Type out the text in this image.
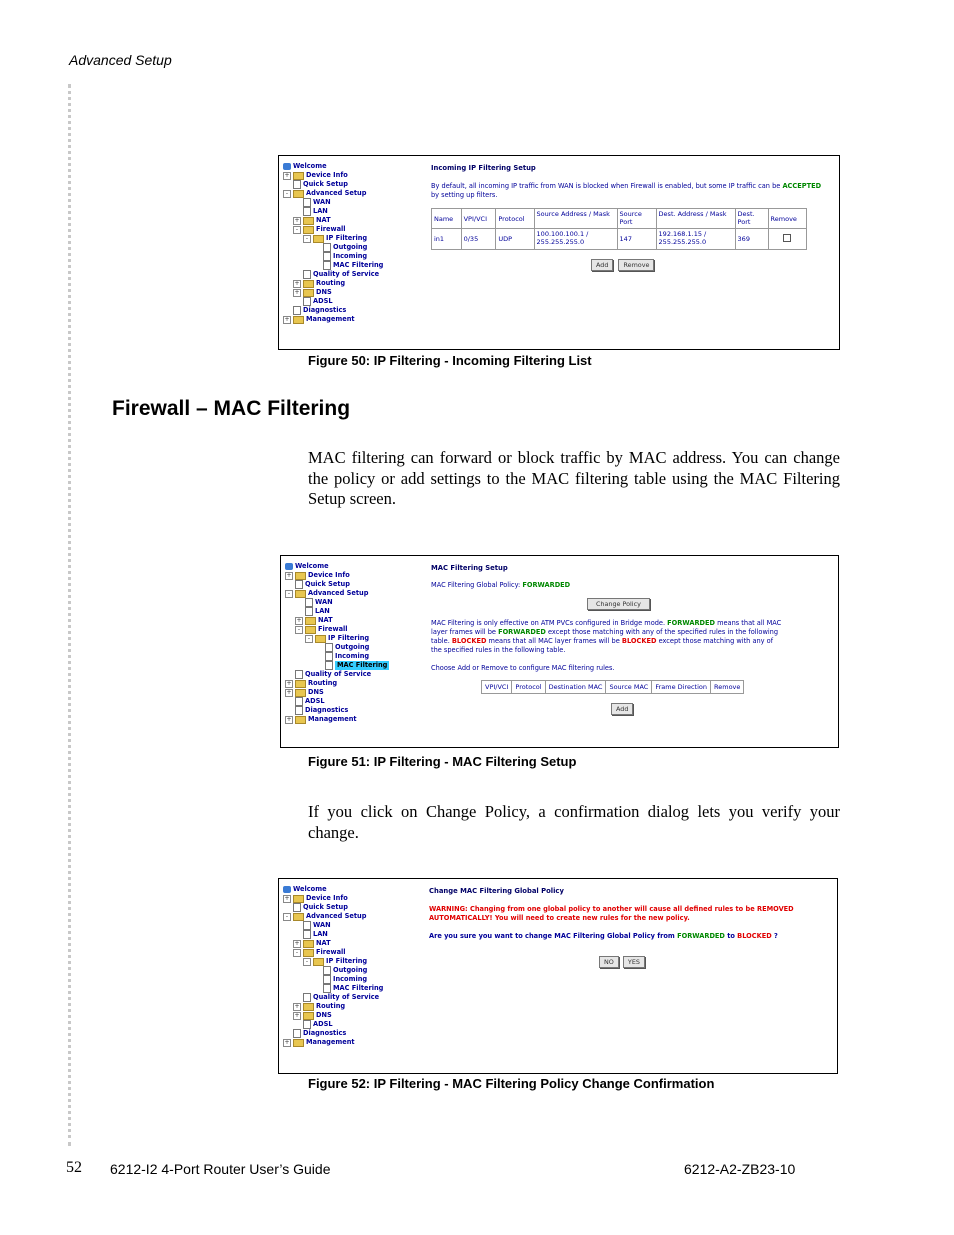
Advanced Setup
Welcome
+ Device Info
Quick Setup
-	Advanced Setup
WAN
LAN
+ NAT
-	Firewall
-	IP Filtering
Outgoing
Incoming
MAC Filtering
Quality of Service
+ Routing
+ DNS
ADSL
Diagnostics
+ Management
Incoming IP Filtering Setup
By default, all incoming IP traffic from WAN is blocked when Firewall is enabled, but some IP traffic can be ACCEPTED
by setting up filters.
Name	VPI/VCI	Protocol	Source Address / Mask	Source Port	Dest. Address / Mask	Dest. Port	Remove
in1	0/35	UDP	100.100.100.1 / 255.255.255.0	147	192.168.1.15 / 255.255.255.0	369	
Add Remove
Figure 50: IP Filtering - Incoming Filtering List
Firewall – MAC Filtering
MAC filtering can forward or block traffic by MAC address. You can change the policy or add settings to the MAC filtering table using the MAC Filtering Setup screen.
Welcome
+ Device Info
Quick Setup
-	Advanced Setup
WAN
LAN
+ NAT
-	Firewall
-	IP Filtering
Outgoing
Incoming
MAC Filtering
Quality of Service
+ Routing
+ DNS
ADSL
Diagnostics
+ Management
MAC Filtering Setup
MAC Filtering Global Policy: FORWARDED
Change Policy
MAC Filtering is only effective on ATM PVCs configured in Bridge mode. FORWARDED means that all MAC layer frames will be FORWARDED except those matching with any of the specified rules in the following table. BLOCKED means that all MAC layer frames will be BLOCKED except those matching with any of the specified rules in the following table.
Choose Add or Remove to configure MAC filtering rules.
VPI/VCI	Protocol	Destination MAC	Source MAC	Frame Direction	Remove
Add
Figure 51: IP Filtering - MAC Filtering Setup
If you click on Change Policy, a confirmation dialog lets you verify your change.
Welcome
+ Device Info
Quick Setup
-	Advanced Setup
WAN
LAN
+ NAT
-	Firewall
-	IP Filtering
Outgoing
Incoming
MAC Filtering
Quality of Service
+ Routing
+ DNS
ADSL
Diagnostics
+ Management
Change MAC Filtering Global Policy
WARNING: Changing from one global policy to another will cause all defined rules to be REMOVED
AUTOMATICALLY! You will need to create new rules for the new policy.
Are you sure you want to change MAC Filtering Global Policy from FORWARDED to BLOCKED ?
NO YES
Figure 52: IP Filtering - MAC Filtering Policy Change Confirmation
52 6212-I2 4-Port Router User’s Guide	6212-A2-ZB23-10
